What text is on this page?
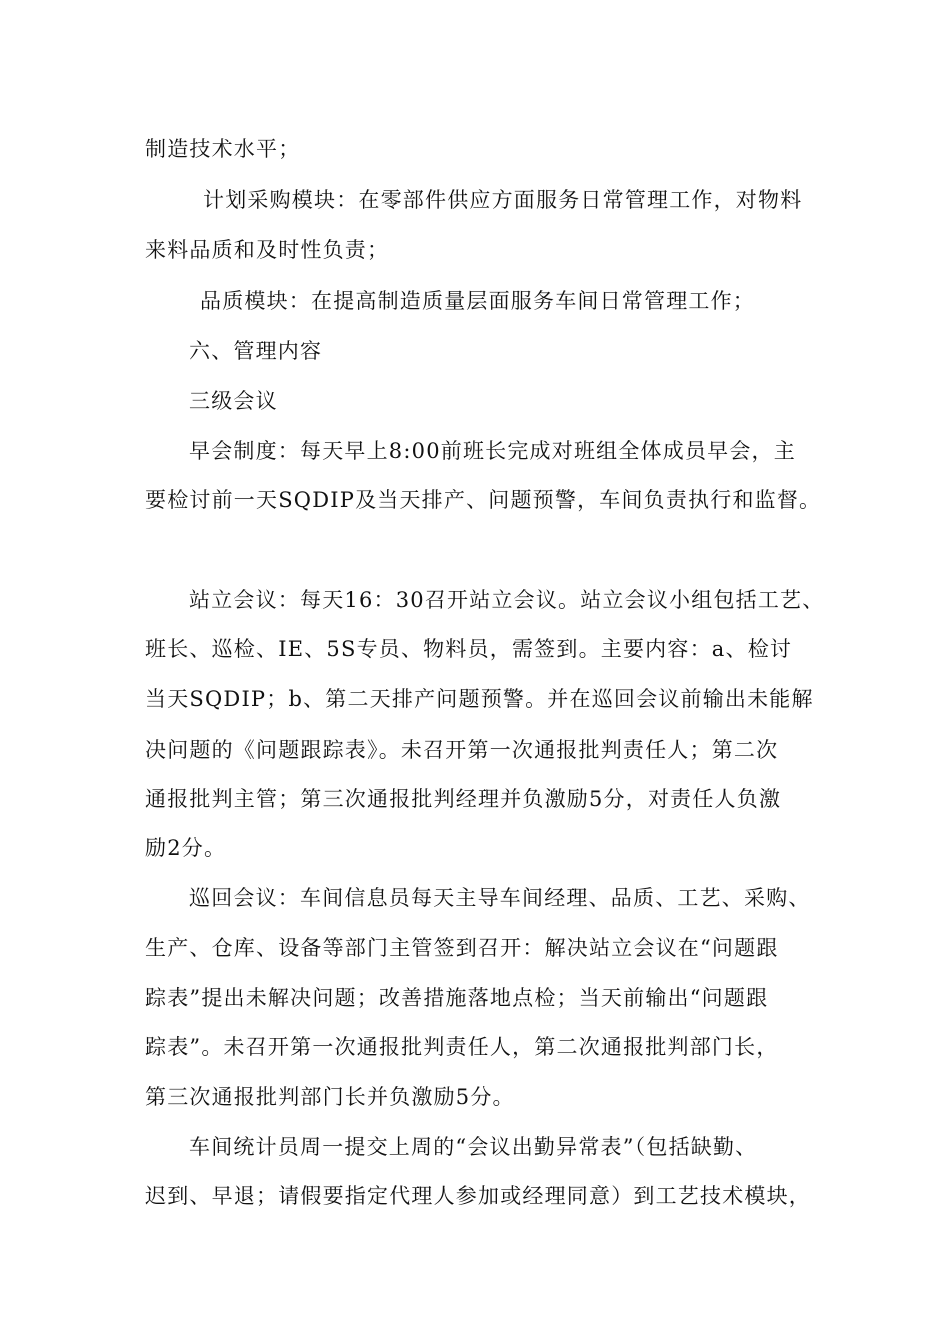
制造技术水平；
计划采购模块：在零部件供应方面服务日常管理工作，对物料
来料品质和及时性负责；
品质模块：在提高制造质量层面服务车间日常管理工作；
六、管理内容
三级会议
早会制度：每天早上8:00前班长完成对班组全体成员早会，主
要检讨前一天SQDIP及当天排产、问题预警，车间负责执行和监督。
站立会议：每天16：30召开站立会议。站立会议小组包括工艺、
班长、巡检、IE、5S专员、物料员，需签到。主要内容：a、检讨
当天SQDIP；b、第二天排产问题预警。并在巡回会议前输出未能解
决问题的《问题跟踪表》。未召开第一次通报批判责任人；第二次
通报批判主管；第三次通报批判经理并负激励5分，对责任人负激
励2分。
巡回会议：车间信息员每天主导车间经理、品质、工艺、采购、
生产、仓库、设备等部门主管签到召开：解决站立会议在“问题跟
踪表”提出未解决问题；改善措施落地点检；当天前输出“问题跟
踪表”。未召开第一次通报批判责任人，第二次通报批判部门长，
第三次通报批判部门长并负激励5分。
车间统计员周一提交上周的“会议出勤异常表”（包括缺勤、
迟到、早退；请假要指定代理人参加或经理同意）到工艺技术模块，
